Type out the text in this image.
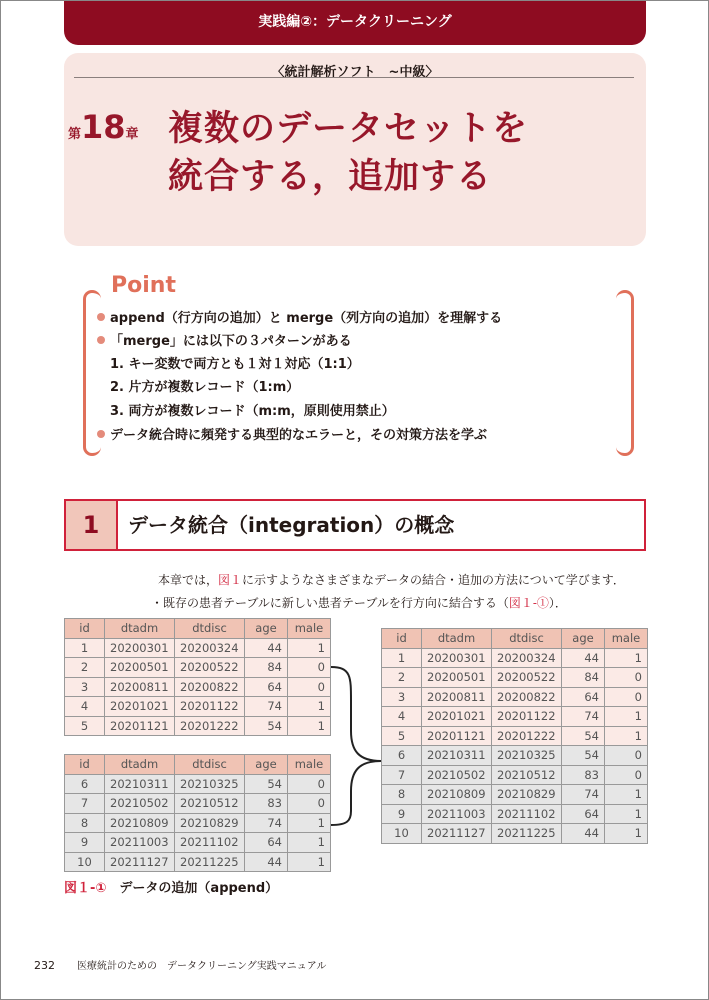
実践編②：データクリーニング
〈統計解析ソフト　~中級〉
第18章 複数のデータセットを
統合する，追加する
Point
append（行方向の追加）と merge（列方向の追加）を理解する
「merge」には以下の３パターンがある
1. キー変数で両方とも１対１対応（1:1）
2. 片方が複数レコード（1:m）
3. 両方が複数レコード（m:m，原則使用禁止）
データ統合時に頻発する典型的なエラーと，その対策方法を学ぶ
1	データ統合（integration）の概念
本章では，図１に示すようなさまざまなデータの結合・追加の方法について学びます．
・既存の患者テーブルに新しい患者テーブルを行方向に結合する（図１-①）．
id	dtadm	dtdisc	age	male
1	20200301	20200324	44	1
2	20200501	20200522	84	0
3	20200811	20200822	64	0
4	20201021	20201122	74	1
5	20201121	20201222	54	1
id	dtadm	dtdisc	age	male
6	20210311	20210325	54	0
7	20210502	20210512	83	0
8	20210809	20210829	74	1
9	20211003	20211102	64	1
10	20211127	20211225	44	1
id	dtadm	dtdisc	age	male
1	20200301	20200324	44	1
2	20200501	20200522	84	0
3	20200811	20200822	64	0
4	20201021	20201122	74	1
5	20201121	20201222	54	1
6	20210311	20210325	54	0
7	20210502	20210512	83	0
8	20210809	20210829	74	1
9	20211003	20211102	64	1
10	20211127	20211225	44	1
図１-①　 データの追加（append）
232 医療統計のための　データクリーニング実践マニュアル
